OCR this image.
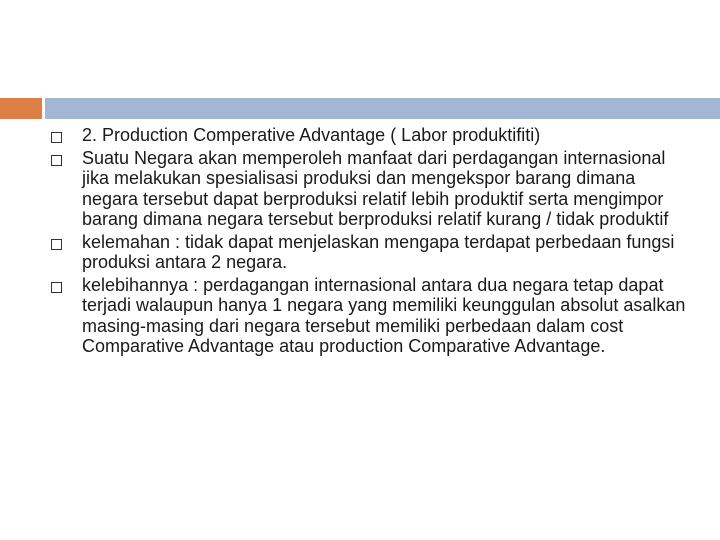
2. Production Comperative Advantage ( Labor produktifiti)
Suatu Negara akan memperoleh manfaat dari perdagangan internasional jika melakukan spesialisasi produksi dan mengekspor barang dimana negara tersebut dapat berproduksi relatif lebih produktif serta mengimpor barang dimana negara tersebut berproduksi relatif kurang / tidak produktif
kelemahan : tidak dapat menjelaskan mengapa terdapat perbedaan fungsi produksi antara 2 negara.
kelebihannya : perdagangan internasional antara dua negara tetap dapat terjadi walaupun hanya 1 negara yang memiliki keunggulan absolut asalkan masing-masing dari negara tersebut memiliki perbedaan dalam cost Comparative Advantage atau production Comparative Advantage.
